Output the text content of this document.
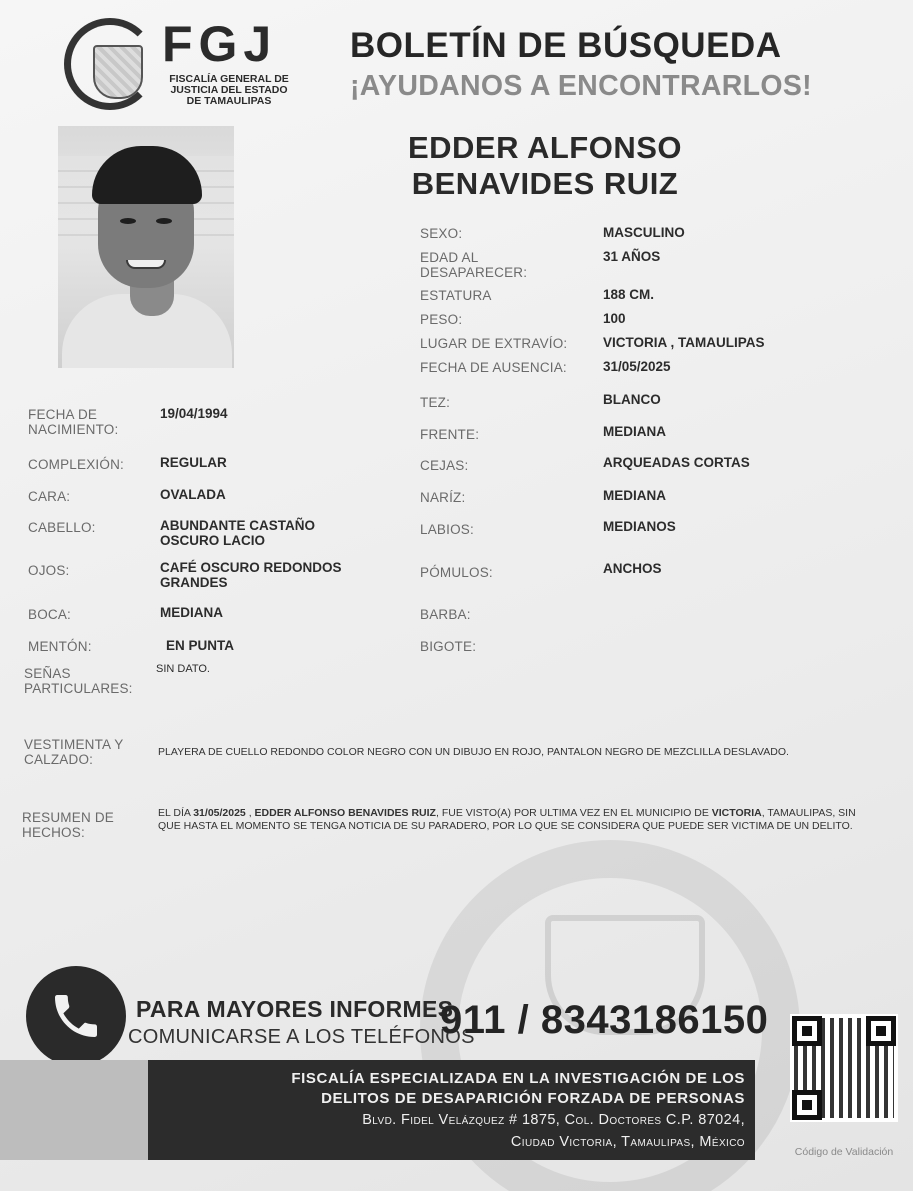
FGJ
FISCALÍA GENERAL DE
JUSTICIA DEL ESTADO
DE TAMAULIPAS
BOLETÍN DE BÚSQUEDA
¡AYUDANOS A ENCONTRARLOS!
EDDER ALFONSO
BENAVIDES RUIZ
SEXO:	MASCULINO
EDAD AL
DESAPARECER:
31 AÑOS
ESTATURA	188 CM.
PESO:	100
LUGAR DE EXTRAVÍO:	VICTORIA , TAMAULIPAS
FECHA DE AUSENCIA:	31/05/2025
TEZ:	BLANCO
FRENTE:	MEDIANA
CEJAS:	ARQUEADAS CORTAS
NARÍZ:	MEDIANA
LABIOS:	MEDIANOS
PÓMULOS:	ANCHOS
BARBA:
BIGOTE:
FECHA DE
NACIMIENTO:
19/04/1994
COMPLEXIÓN:	REGULAR
CARA:	OVALADA
CABELLO:	ABUNDANTE CASTAÑO
OSCURO LACIO
OJOS:	CAFÉ OSCURO REDONDOS
GRANDES
BOCA:	MEDIANA
MENTÓN:	EN PUNTA
SEÑAS
PARTICULARES:
SIN DATO.
VESTIMENTA Y
CALZADO:	PLAYERA DE CUELLO REDONDO COLOR NEGRO CON UN DIBUJO EN ROJO, PANTALON NEGRO DE MEZCLILLA DESLAVADO.
RESUMEN DE
HECHOS:
EL DÍA 31/05/2025 , EDDER ALFONSO BENAVIDES RUIZ, FUE VISTO(A) POR ULTIMA VEZ EN EL MUNICIPIO DE VICTORIA, TAMAULIPAS, SIN QUE HASTA EL MOMENTO SE TENGA NOTICIA DE SU PARADERO, POR LO QUE SE CONSIDERA QUE PUEDE SER VICTIMA DE UN DELITO.
PARA MAYORES INFORMES,
COMUNICARSE A LOS TELÉFONOS
911 / 8343186150
FISCALÍA ESPECIALIZADA EN LA INVESTIGACIÓN DE LOS
DELITOS DE DESAPARICIÓN FORZADA DE PERSONAS
Blvd. Fidel Velázquez # 1875, Col. Doctores C.P. 87024,
Ciudad Victoria, Tamaulipas, México
Código de Validación
